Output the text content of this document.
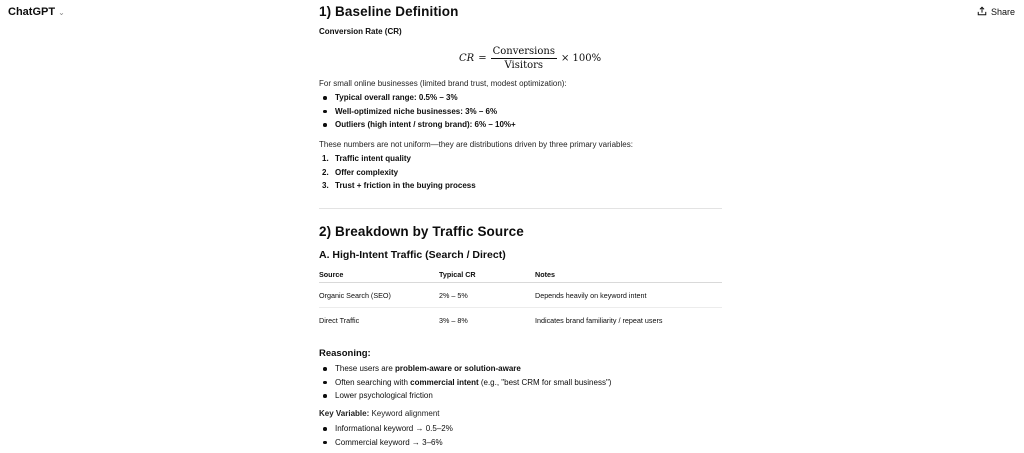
ChatGPT ⌄	Share
1) Baseline Definition
Conversion Rate (CR)
CR = $\frac{\text{Conversions}}{\text{Visitors}} \times 100\%$
For small online businesses (limited brand trust, modest optimization):
Typical overall range: 0.5% – 3%
Well-optimized niche businesses: 3% – 6%
Outliers (high intent / strong brand): 6% – 10%+
These numbers are not uniform—they are distributions driven by three primary variables:
1. Traffic intent quality
2. Offer complexity
3. Trust + friction in the buying process
2) Breakdown by Traffic Source
A. High-Intent Traffic (Search / Direct)
Source	Typical CR	Notes
Organic Search (SEO)	2% – 5%	Depends heavily on keyword intent
Direct Traffic	3% – 8%	Indicates brand familiarity / repeat users
Reasoning:
These users are problem-aware or solution-aware
Often searching with commercial intent (e.g., "best CRM for small business")
Lower psychological friction
Key Variable: Keyword alignment
Informational keyword → 0.5–2%
Commercial keyword → 3–6%
